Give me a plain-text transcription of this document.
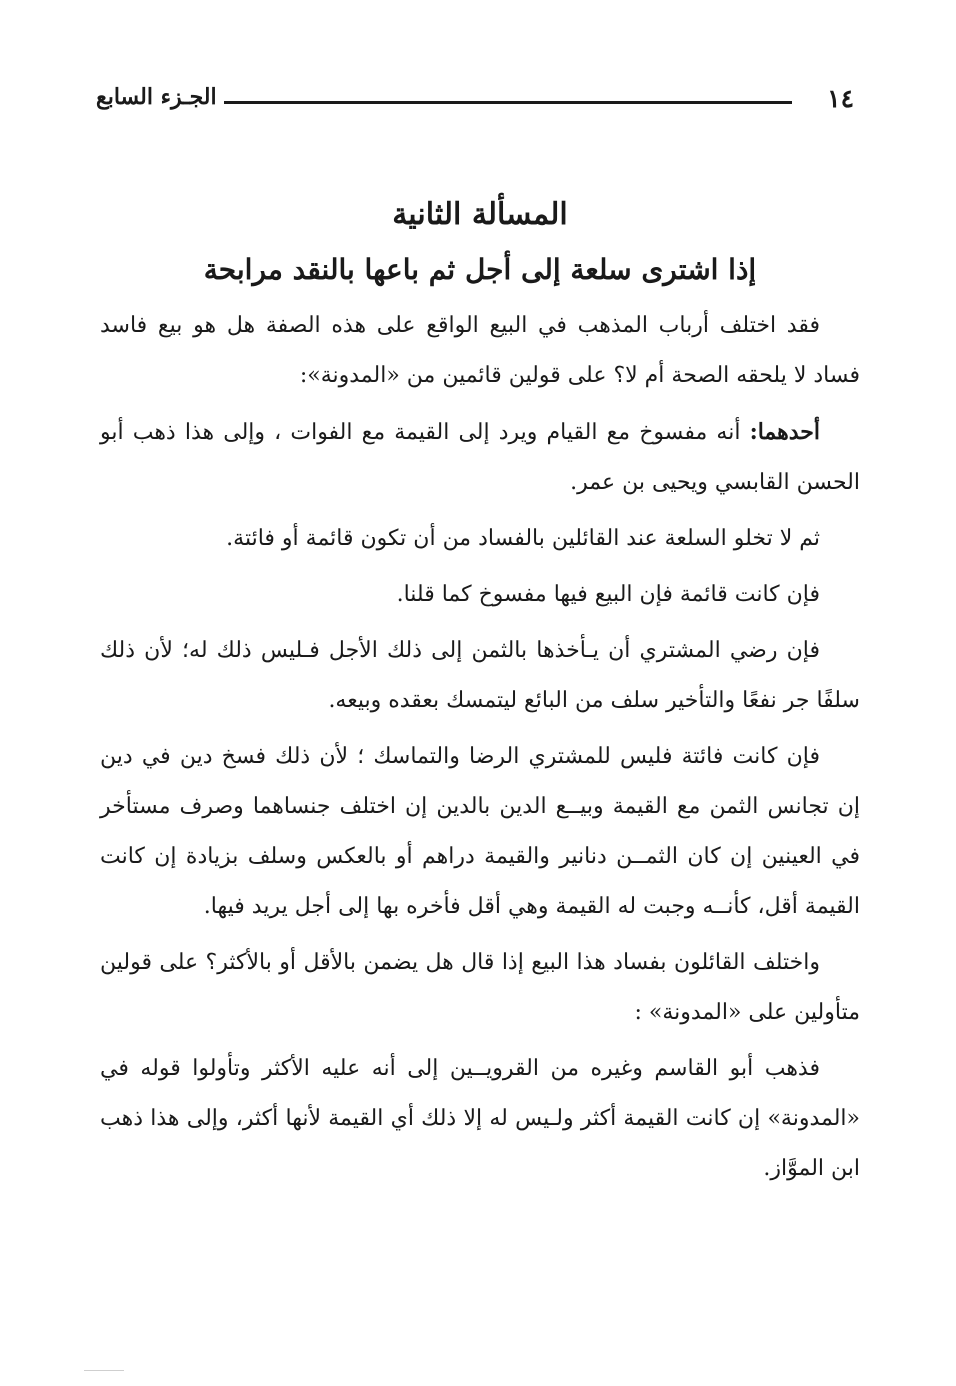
١٤
الجـزء السابع
المسألة الثانية
إذا اشترى سلعة إلى أجل ثم باعها بالنقد مرابحة

فقد اختلف أرباب المذهب في البيع الواقع على هذه الصفة هل هو بيع فاسد فساد لا يلحقه الصحة أم لا؟ على قولين قائمين من «المدونة»:

أحدهما: أنه مفسوخ مع القيام ويرد إلى القيمة مع الفوات ، وإلى هذا ذهب أبو الحسن القابسي ويحيى بن عمر.

ثم لا تخلو السلعة عند القائلين بالفساد من أن تكون قائمة أو فائتة.

فإن كانت قائمة فإن البيع فيها مفسوخ كما قلنا.

فإن رضي المشتري أن يـأخذها بالثمن إلى ذلك الأجل فـليس ذلك له؛ لأن ذلك سلفًا جر نفعًا والتأخير سلف من البائع ليتمسك بعقده وبيعه.

فإن كانت فائتة فليس للمشتري الرضا والتماسك ؛ لأن ذلك فسخ دين في دين إن تجانس الثمن مع القيمة وبيــع الدين بالدين إن اختلف جنساهما وصرف مستأخر في العينين إن كان الثمــن دنانير والقيمة دراهم أو بالعكس وسلف بزيادة إن كانت القيمة أقل، كأنــه وجبت له القيمة وهي أقل فأخره بها إلى أجل يريد فيها.

واختلف القائلون بفساد هذا البيع إذا قال هل يضمن بالأقل أو بالأكثر؟ على قولين متأولين على «المدونة» :

فذهب أبو القاسم وغيره من القرويــين إلى أنه عليه الأكثر وتأولوا قوله في «المدونة» إن كانت القيمة أكثر ولـيس له إلا ذلك أي القيمة لأنها أكثر، وإلى هذا ذهب ابن الموَّاز.
